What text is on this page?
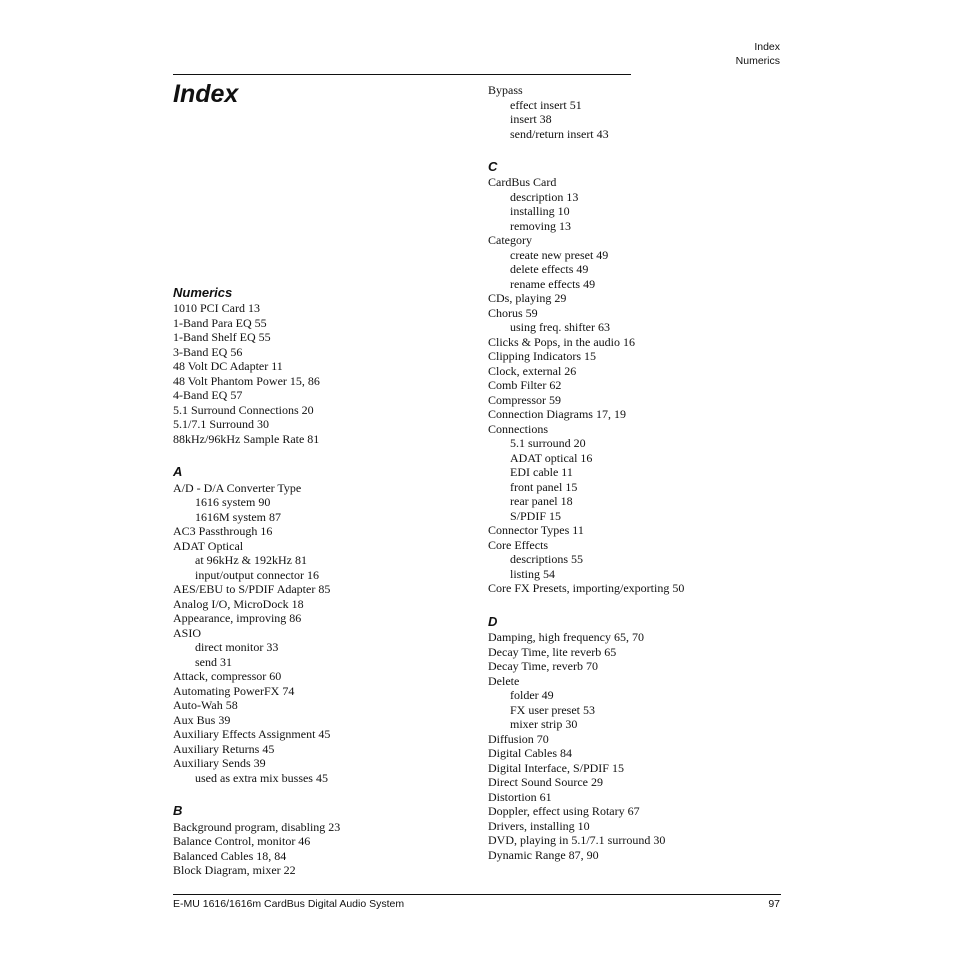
Index
Numerics
Index
Numerics
1010 PCI Card 13
1-Band Para EQ 55
1-Band Shelf EQ 55
3-Band EQ 56
48 Volt DC Adapter 11
48 Volt Phantom Power 15, 86
4-Band EQ 57
5.1 Surround Connections 20
5.1/7.1 Surround 30
88kHz/96kHz Sample Rate 81
A
A/D - D/A Converter Type
1616 system 90
1616M system 87
AC3 Passthrough 16
ADAT Optical
at 96kHz & 192kHz 81
input/output connector 16
AES/EBU to S/PDIF Adapter 85
Analog I/O, MicroDock 18
Appearance, improving 86
ASIO
direct monitor 33
send 31
Attack, compressor 60
Automating PowerFX 74
Auto-Wah 58
Aux Bus 39
Auxiliary Effects Assignment 45
Auxiliary Returns 45
Auxiliary Sends 39
used as extra mix busses 45
B
Background program, disabling 23
Balance Control, monitor 46
Balanced Cables 18, 84
Block Diagram, mixer 22
Bypass
effect insert 51
insert 38
send/return insert 43
C
CardBus Card
description 13
installing 10
removing 13
Category
create new preset 49
delete effects 49
rename effects 49
CDs, playing 29
Chorus 59
using freq. shifter 63
Clicks & Pops, in the audio 16
Clipping Indicators 15
Clock, external 26
Comb Filter 62
Compressor 59
Connection Diagrams 17, 19
Connections
5.1 surround 20
ADAT optical 16
EDI cable 11
front panel 15
rear panel 18
S/PDIF 15
Connector Types 11
Core Effects
descriptions 55
listing 54
Core FX Presets, importing/exporting 50
D
Damping, high frequency 65, 70
Decay Time, lite reverb 65
Decay Time, reverb 70
Delete
folder 49
FX user preset 53
mixer strip 30
Diffusion 70
Digital Cables 84
Digital Interface, S/PDIF 15
Direct Sound Source 29
Distortion 61
Doppler, effect using Rotary 67
Drivers, installing 10
DVD, playing in 5.1/7.1 surround 30
Dynamic Range 87, 90
E-MU 1616/1616m CardBus Digital Audio System	97
